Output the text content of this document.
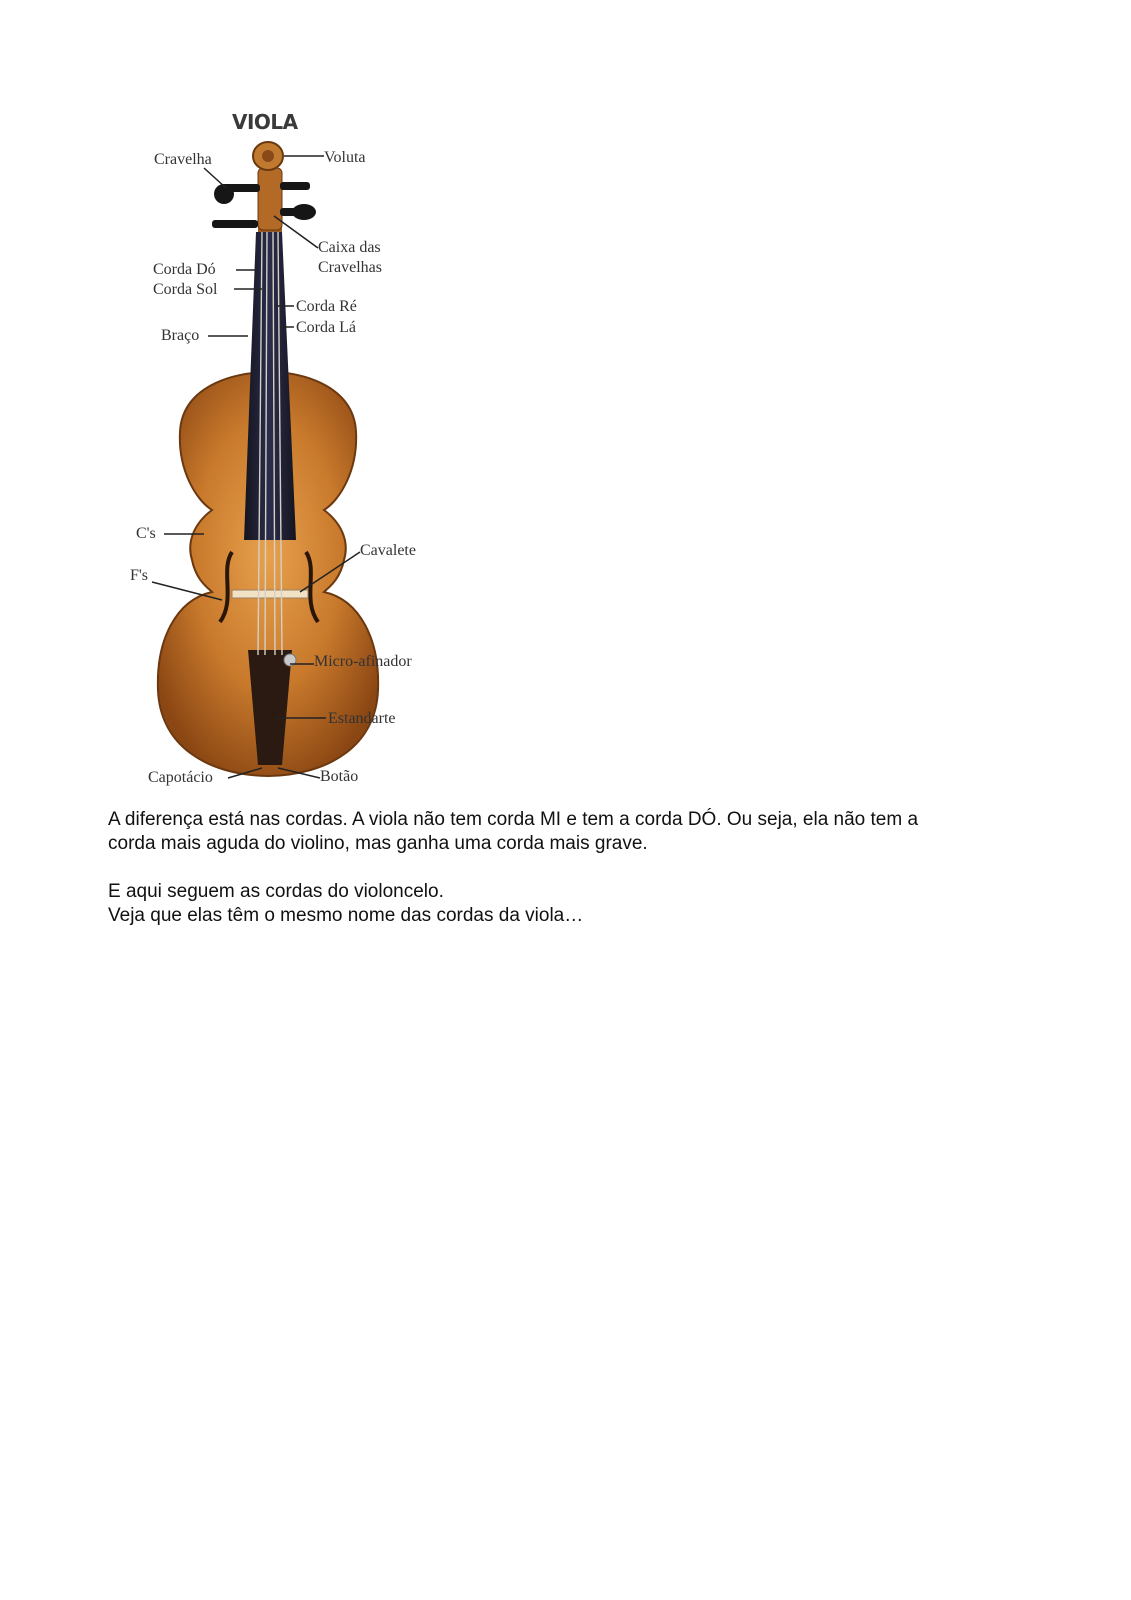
VIOLA
Cravelha	Voluta
Caixa das
Cravelhas
Corda Dó
Corda Sol
Corda Ré
Corda Lá
Braço
C's
F's
Cavalete
Micro-afinador
Estandarte
Capotácio	Botão
A diferença está nas cordas. A viola não tem corda MI e tem a corda DÓ. Ou seja, ela não tem a
corda mais aguda do violino, mas ganha uma corda mais grave.
E aqui seguem as cordas do violoncelo.
Veja que elas têm o mesmo nome das cordas da viola…
